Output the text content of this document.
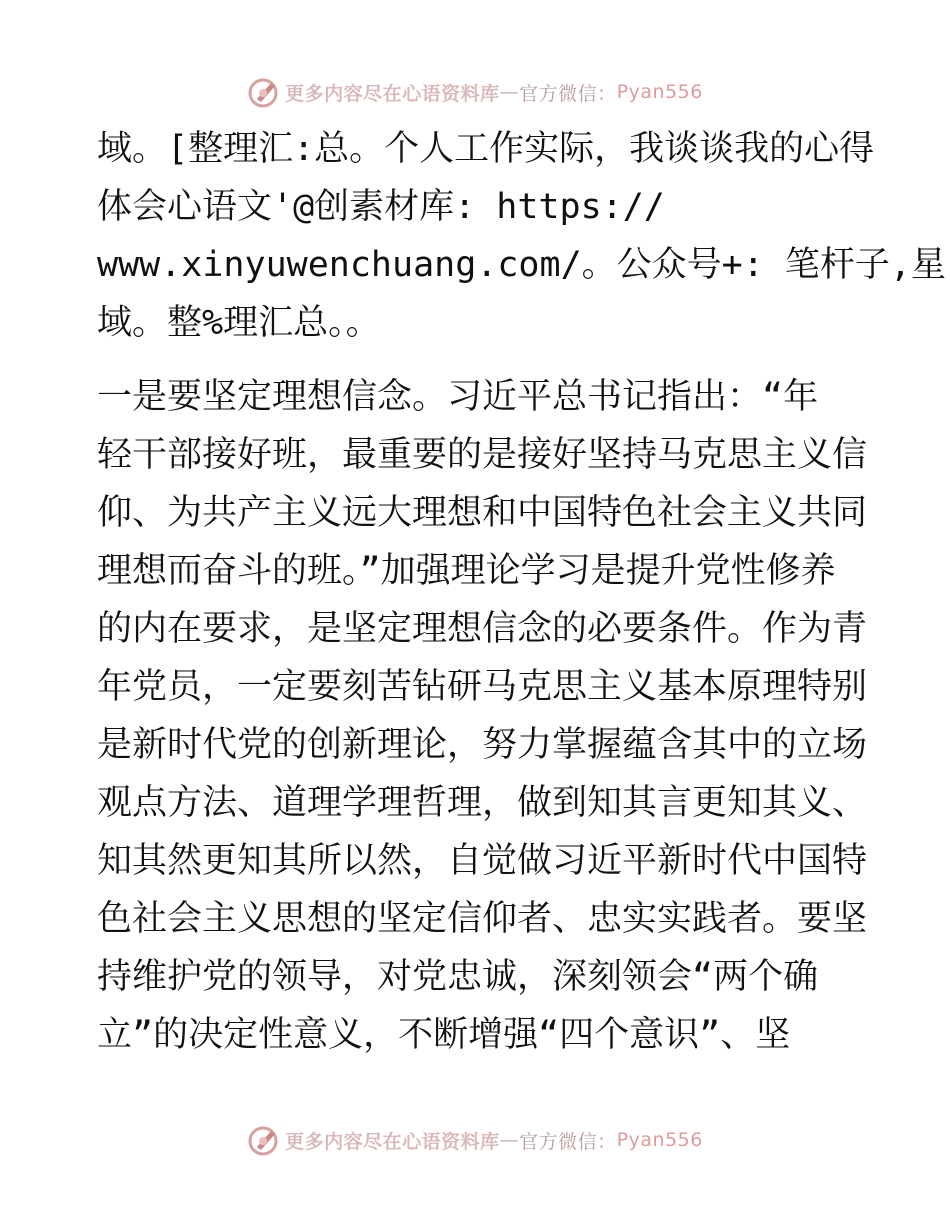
更多内容尽在心语资料库 — 官方微信： Pyan556
域。[整理汇:总。个人工作实际，我谈谈我的心得
体会心语文'@创素材库: https://
www.xinyuwenchuang.com/。公众号+: 笔杆子,星
域。整%理汇总。。
一是要坚定理想信念。习近平总书记指出：“年
轻干部接好班，最重要的是接好坚持马克思主义信
仰、为共产主义远大理想和中国特色社会主义共同
理想而奋斗的班。”加强理论学习是提升党性修养
的内在要求，是坚定理想信念的必要条件。作为青
年党员，一定要刻苦钻研马克思主义基本原理特别
是新时代党的创新理论，努力掌握蕴含其中的立场
观点方法、道理学理哲理，做到知其言更知其义、
知其然更知其所以然，自觉做习近平新时代中国特
色社会主义思想的坚定信仰者、忠实实践者。要坚
持维护党的领导，对党忠诚，深刻领会“两个确
立”的决定性意义，不断增强“四个意识”、坚
更多内容尽在心语资料库 — 官方微信： Pyan556
